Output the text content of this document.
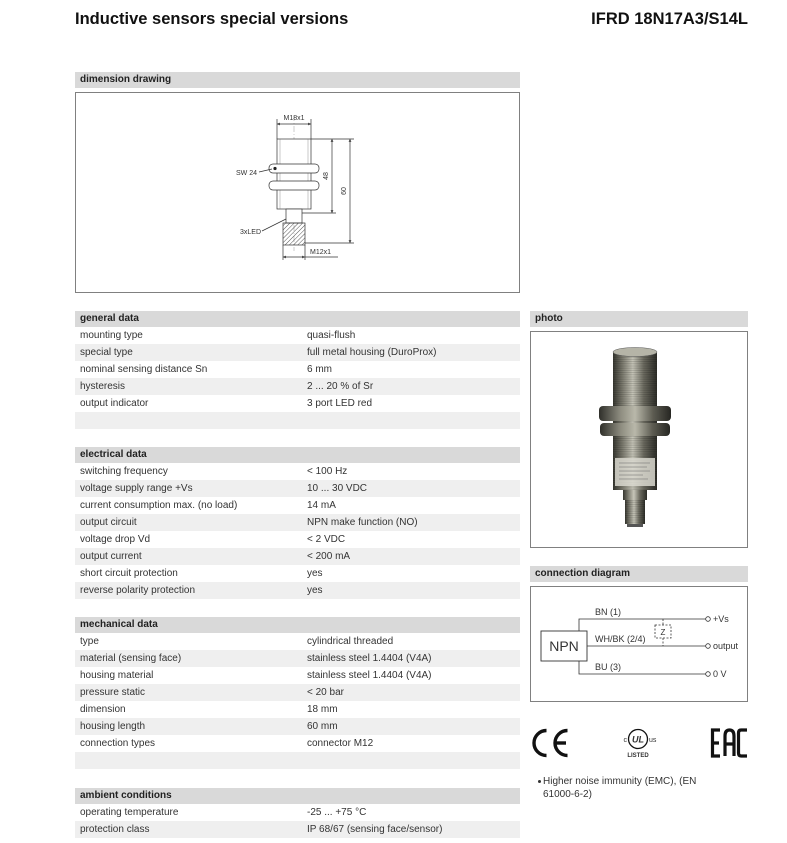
Inductive sensors special versions	IFRD 18N17A3/S14L
dimension drawing
M18x1
SW 24
3xLED
M12x1
48
60
general data
mounting type	quasi-flush
special type	full metal housing (DuroProx)
nominal sensing distance Sn	6 mm
hysteresis	2 ... 20 % of Sr
output indicator	3 port LED red
electrical data
switching frequency	< 100 Hz
voltage supply range +Vs	10 ... 30 VDC
current consumption max. (no load)	14 mA
output circuit	NPN make function (NO)
voltage drop Vd	< 2 VDC
output current	< 200 mA
short circuit protection	yes
reverse polarity protection	yes
mechanical data
type	cylindrical threaded
material (sensing face)	stainless steel 1.4404 (V4A)
housing material	stainless steel 1.4404 (V4A)
pressure static	< 20 bar
dimension	18 mm
housing length	60 mm
connection types	connector M12
ambient conditions
operating temperature	-25 ... +75 °C
protection class	IP 68/67 (sensing face/sensor)
photo
connection diagram
NPN
BN (1)
WH/BK (2/4)
BU (3)
Z
+Vs
output
0 V
UL
c	us
LISTED
Higher noise immunity (EMC), (EN 61000-6-2)
